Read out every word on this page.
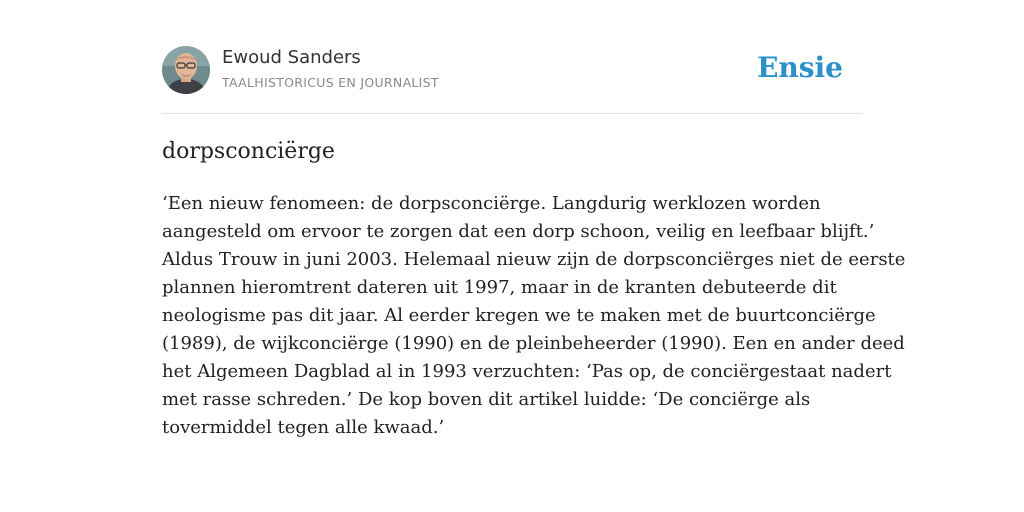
Ewoud Sanders
TAALHISTORICUS EN JOURNALIST	Ensie
dorpsconciërge

‘Een nieuw fenomeen: de dorpsconciërge. Langdurig werklozen worden
aangesteld om ervoor te zorgen dat een dorp schoon, veilig en leefbaar blijft.’
Aldus Trouw in juni 2003. Helemaal nieuw zijn de dorpsconciërges niet de eerste
plannen hieromtrent dateren uit 1997, maar in de kranten debuteerde dit
neologisme pas dit jaar. Al eerder kregen we te maken met de buurtconciërge
(1989), de wijkconciërge (1990) en de pleinbeheerder (1990). Een en ander deed
het Algemeen Dagblad al in 1993 verzuchten: ‘Pas op, de conciërgestaat nadert
met rasse schreden.’ De kop boven dit artikel luidde: ‘De conciërge als
tovermiddel tegen alle kwaad.’
